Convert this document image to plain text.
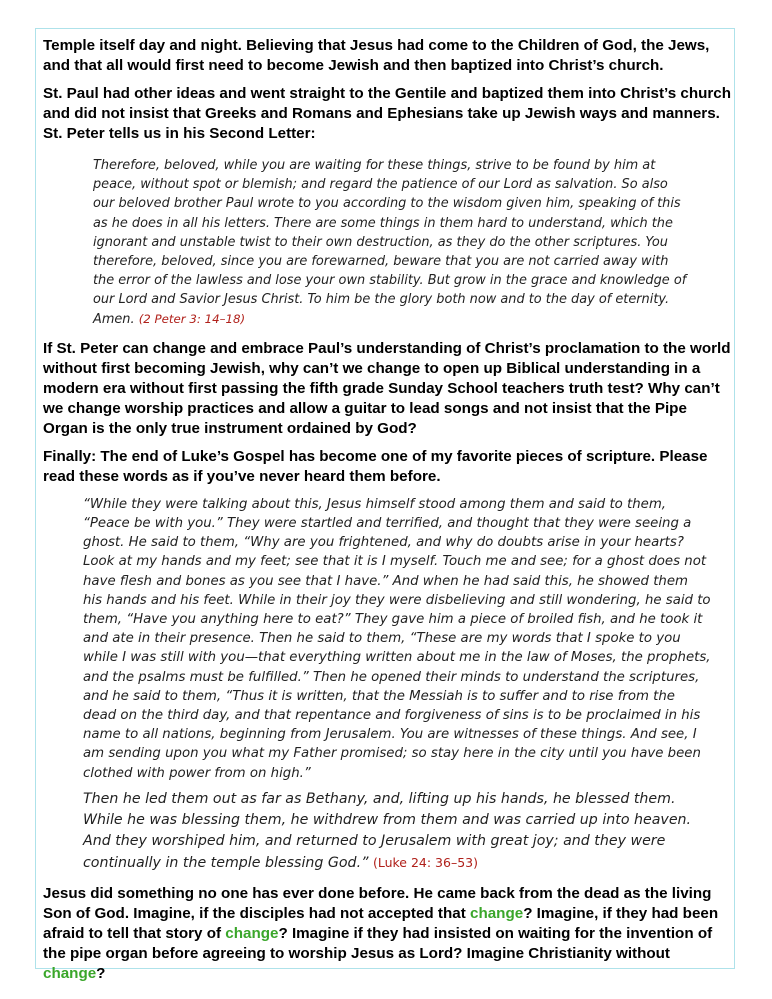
Temple itself day and night. Believing that Jesus had come to the Children of God, the Jews, and that all would first need to become Jewish and then baptized into Christ’s church.

St. Paul had other ideas and went straight to the Gentile and baptized them into Christ’s church and did not insist that Greeks and Romans and Ephesians take up Jewish ways and manners. St. Peter tells us in his Second Letter:

Therefore, beloved, while you are waiting for these things, strive to be found by him at peace, without spot or blemish; and regard the patience of our Lord as salvation. So also our beloved brother Paul wrote to you according to the wisdom given him, speaking of this as he does in all his letters. There are some things in them hard to understand, which the ignorant and unstable twist to their own destruction, as they do the other scriptures. You therefore, beloved, since you are forewarned, beware that you are not carried away with the error of the lawless and lose your own stability. But grow in the grace and knowledge of our Lord and Savior Jesus Christ. To him be the glory both now and to the day of eternity. Amen. (2 Peter 3: 14–18)

If St. Peter can change and embrace Paul’s understanding of Christ’s proclamation to the world without first becoming Jewish, why can’t we change to open up Biblical understanding in a modern era without first passing the fifth grade Sunday School teachers truth test? Why can’t we change worship practices and allow a guitar to lead songs and not insist that the Pipe Organ is the only true instrument ordained by God?

Finally: The end of Luke’s Gospel has become one of my favorite pieces of scripture. Please read these words as if you’ve never heard them before.

“While they were talking about this, Jesus himself stood among them and said to them, “Peace be with you.” They were startled and terrified, and thought that they were seeing a ghost. He said to them, “Why are you frightened, and why do doubts arise in your hearts? Look at my hands and my feet; see that it is I myself. Touch me and see; for a ghost does not have flesh and bones as you see that I have.” And when he had said this, he showed them his hands and his feet. While in their joy they were disbelieving and still wondering, he said to them, “Have you anything here to eat?” They gave him a piece of broiled fish, and he took it and ate in their presence. Then he said to them, “These are my words that I spoke to you while I was still with you—that everything written about me in the law of Moses, the prophets, and the psalms must be fulfilled.” Then he opened their minds to understand the scriptures, and he said to them, “Thus it is written, that the Messiah is to suffer and to rise from the dead on the third day, and that repentance and forgiveness of sins is to be proclaimed in his name to all nations, beginning from Jerusalem. You are witnesses of these things. And see, I am sending upon you what my Father promised; so stay here in the city until you have been clothed with power from on high.”

Then he led them out as far as Bethany, and, lifting up his hands, he blessed them. While he was blessing them, he withdrew from them and was carried up into heaven. And they worshiped him, and returned to Jerusalem with great joy; and they were continually in the temple blessing God.” (Luke 24: 36–53)

Jesus did something no one has ever done before. He came back from the dead as the living Son of God. Imagine, if the disciples had not accepted that change? Imagine, if they had been afraid to tell that story of change? Imagine if they had insisted on waiting for the invention of the pipe organ before agreeing to worship Jesus as Lord? Imagine Christianity without change?
